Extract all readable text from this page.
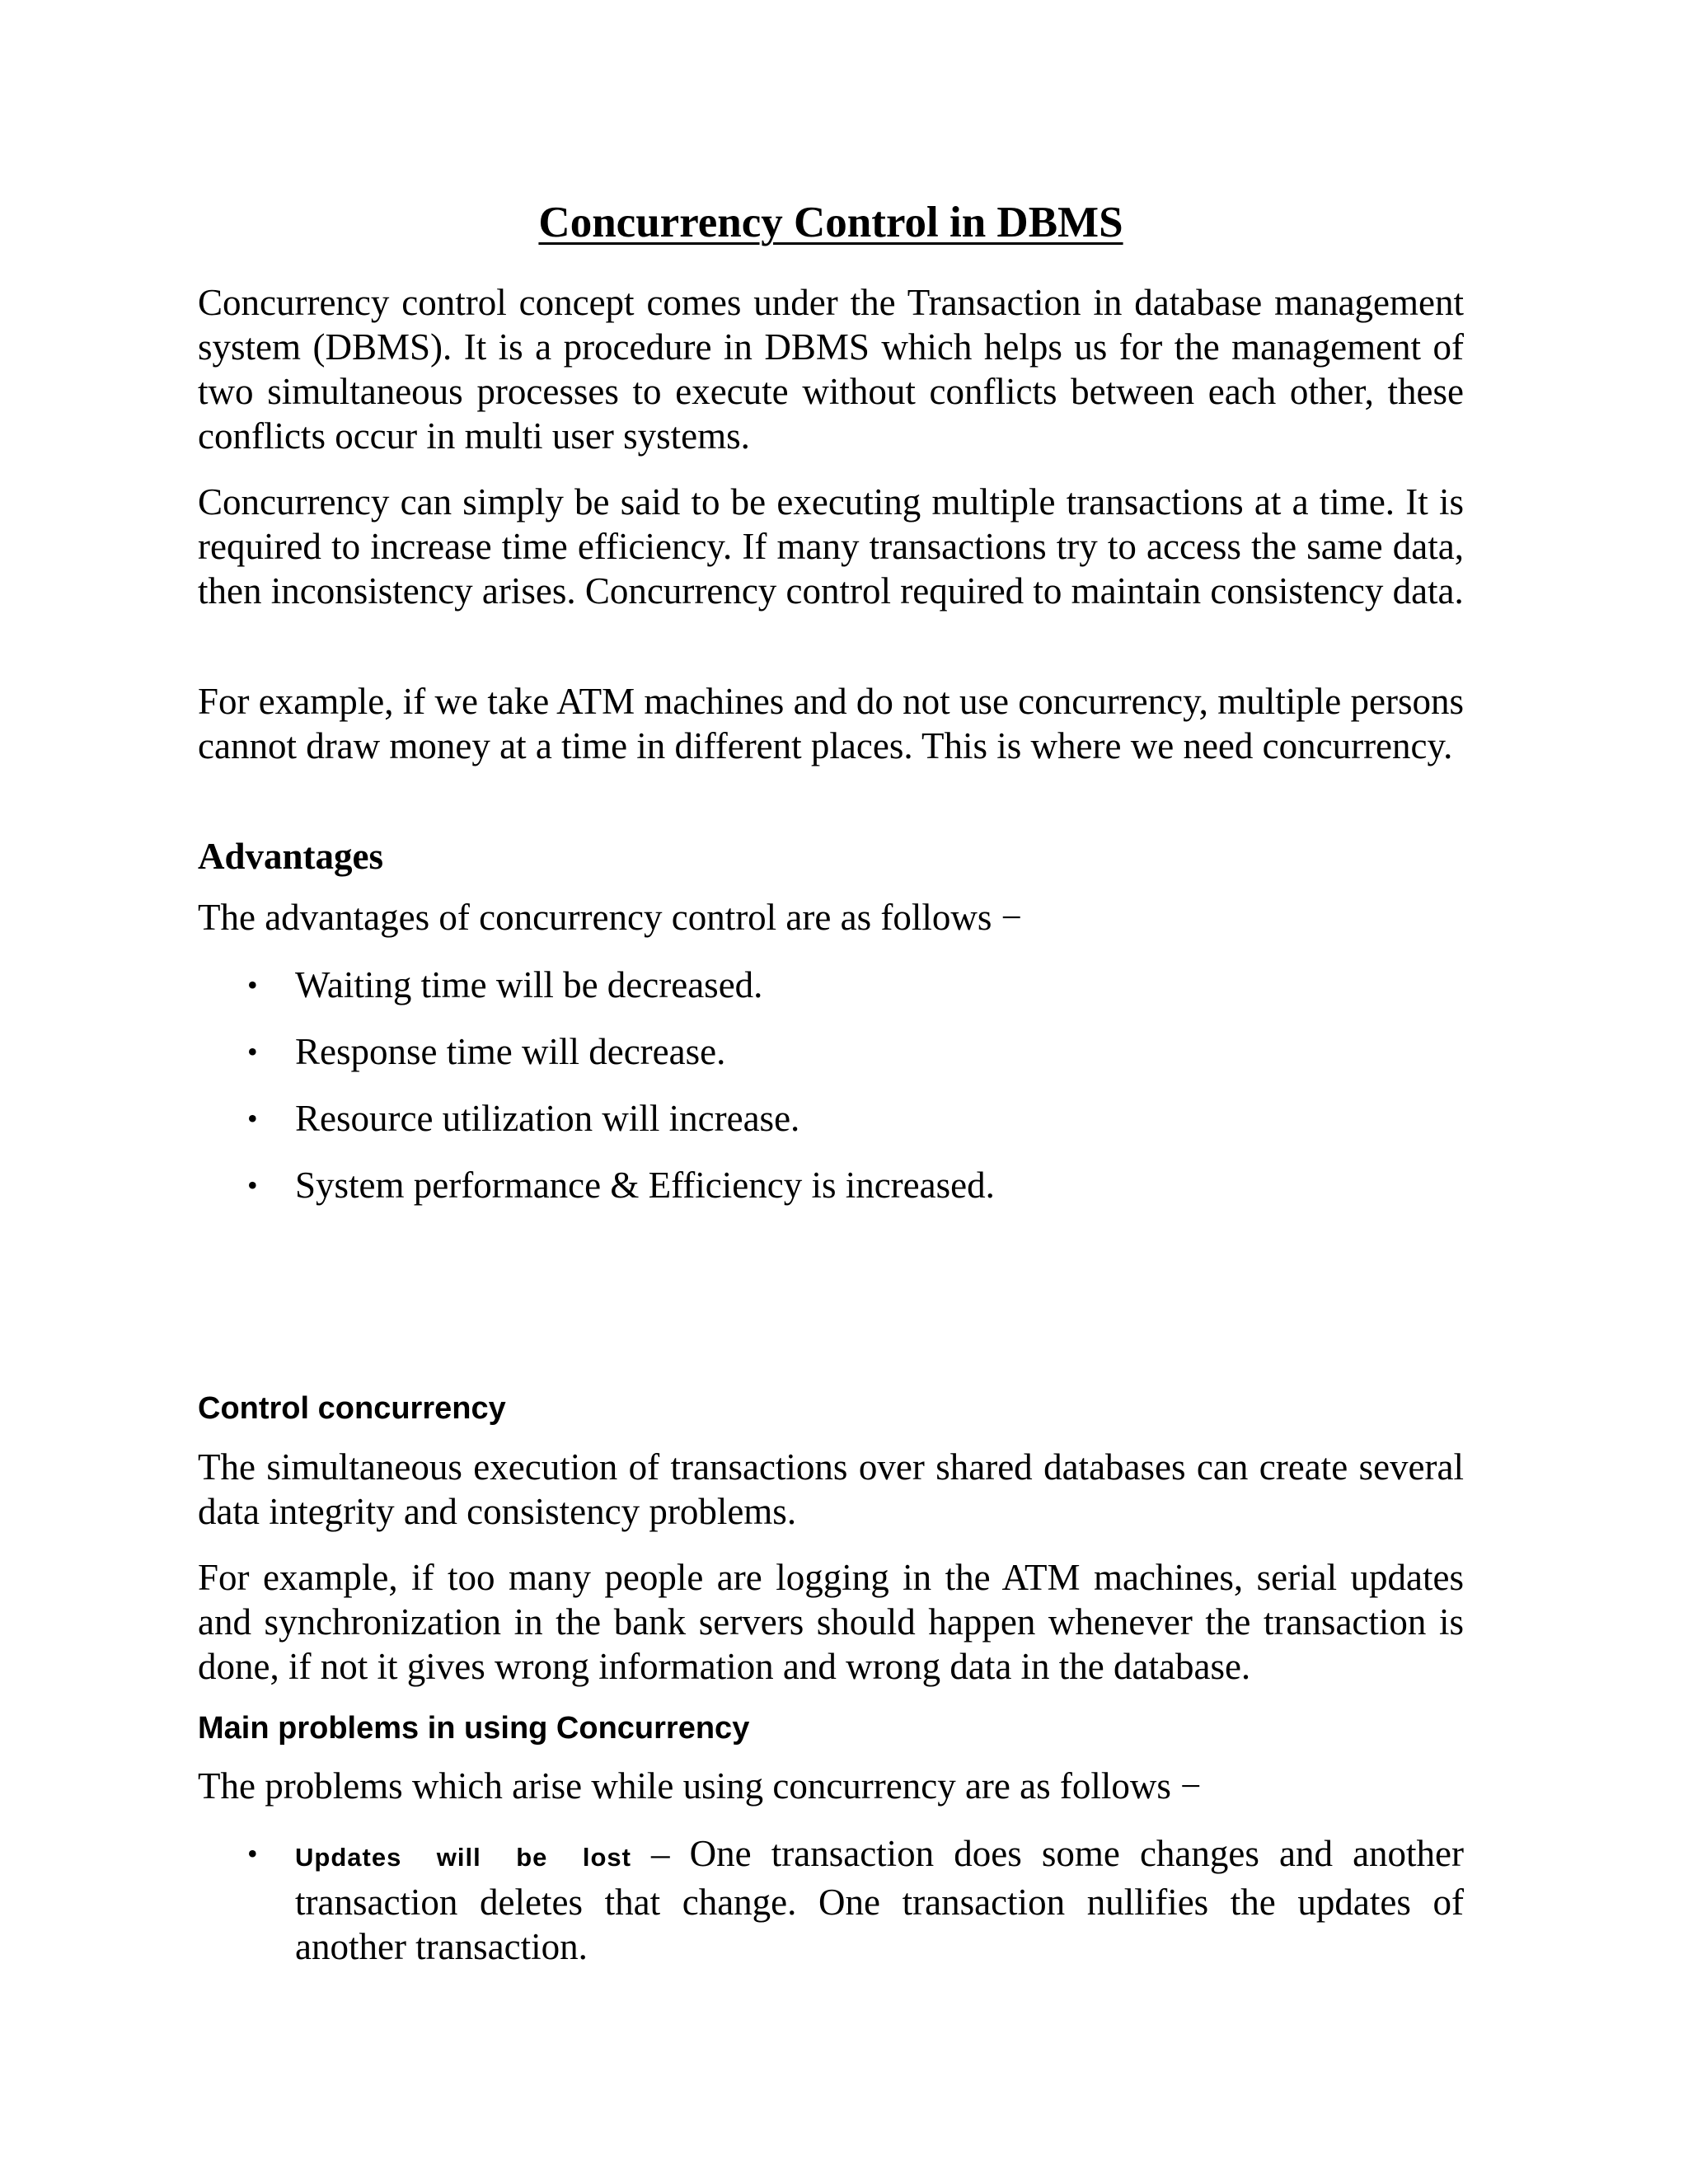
Concurrency Control in DBMS

Concurrency control concept comes under the Transaction in database management system (DBMS). It is a procedure in DBMS which helps us for the management of two simultaneous processes to execute without conflicts between each other, these conflicts occur in multi user systems.

Concurrency can simply be said to be executing multiple transactions at a time. It is required to increase time efficiency. If many transactions try to access the same data, then inconsistency arises. Concurrency control required to maintain consistency data.

For example, if we take ATM machines and do not use concurrency, multiple persons cannot draw money at a time in different places. This is where we need concurrency.

Advantages

The advantages of concurrency control are as follows −

• Waiting time will be decreased.
• Response time will decrease.
• Resource utilization will increase.
• System performance & Efficiency is increased.
Control concurrency

The simultaneous execution of transactions over shared databases can create several data integrity and consistency problems.

For example, if too many people are logging in the ATM machines, serial updates and synchronization in the bank servers should happen whenever the transaction is done, if not it gives wrong information and wrong data in the database.

Main problems in using Concurrency

The problems which arise while using concurrency are as follows −

• Updates will be lost – One transaction does some changes and another transaction deletes that change. One transaction nullifies the updates of another transaction.
